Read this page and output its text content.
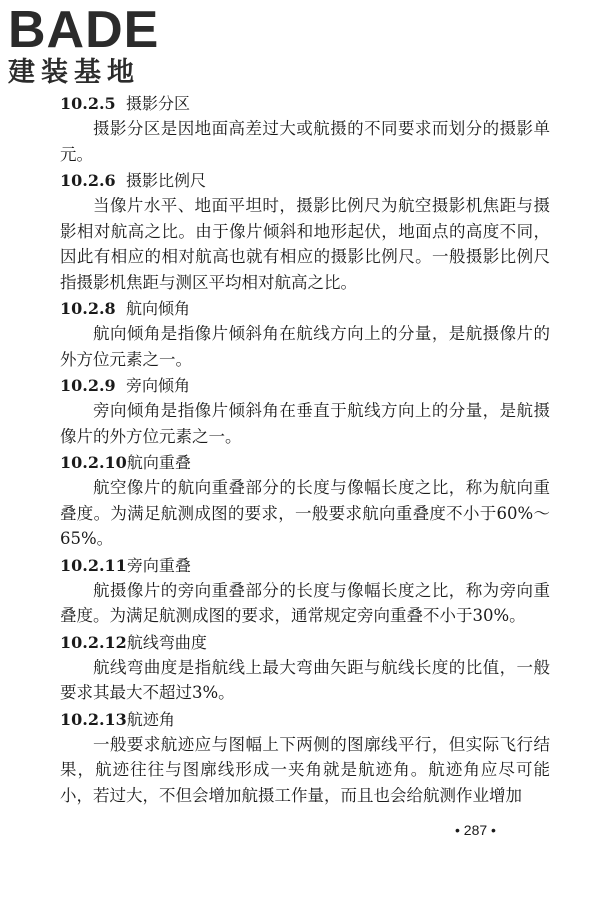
BADE
建装基地

10.2.5 摄影分区

摄影分区是因地面高差过大或航摄的不同要求而划分的摄影单元。

10.2.6 摄影比例尺

当像片水平、地面平坦时，摄影比例尺为航空摄影机焦距与摄影相对航高之比。由于像片倾斜和地形起伏，地面点的高度不同，因此有相应的相对航高也就有相应的摄影比例尺。一般摄影比例尺指摄影机焦距与测区平均相对航高之比。

10.2.8 航向倾角

航向倾角是指像片倾斜角在航线方向上的分量，是航摄像片的外方位元素之一。

10.2.9 旁向倾角

旁向倾角是指像片倾斜角在垂直于航线方向上的分量，是航摄像片的外方位元素之一。

10.2.10航向重叠

航空像片的航向重叠部分的长度与像幅长度之比，称为航向重叠度。为满足航测成图的要求，一般要求航向重叠度不小于60%～65%。

10.2.11旁向重叠

航摄像片的旁向重叠部分的长度与像幅长度之比，称为旁向重叠度。为满足航测成图的要求，通常规定旁向重叠不小于30%。

10.2.12航线弯曲度

航线弯曲度是指航线上最大弯曲矢距与航线长度的比值，一般要求其最大不超过3%。

10.2.13航迹角

一般要求航迹应与图幅上下两侧的图廓线平行，但实际飞行结果，航迹往往与图廓线形成一夹角就是航迹角。航迹角应尽可能小，若过大，不但会增加航摄工作量，而且也会给航测作业增加

• 287 •
